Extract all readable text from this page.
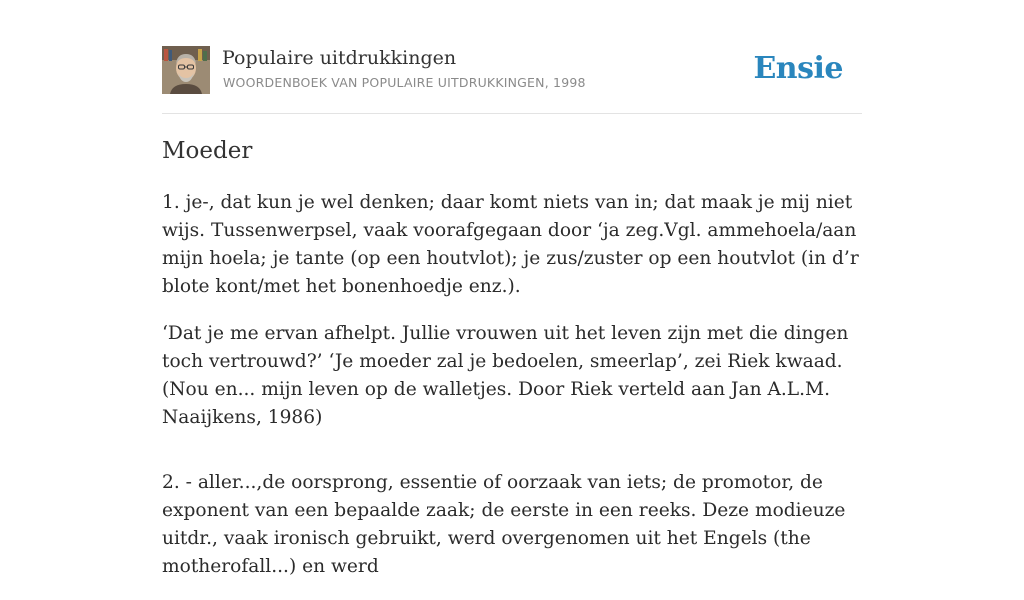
Populaire uitdrukkingen
WOORDENBOEK VAN POPULAIRE UITDRUKKINGEN, 1998	Ensie
Moeder

1. je-, dat kun je wel denken; daar komt niets van in; dat maak je mij niet wijs. Tussenwerpsel, vaak voorafgegaan door ‘ja zeg.Vgl. ammehoela/aan mijn hoela; je tante (op een houtvlot); je zus/zuster op een houtvlot (in d’r blote kont/met het bonenhoedje enz.).

‘Dat je me ervan afhelpt. Jullie vrouwen uit het leven zijn met die dingen toch vertrouwd?’ ‘Je moeder zal je bedoelen, smeerlap’, zei Riek kwaad. (Nou en... mijn leven op de walletjes. Door Riek verteld aan Jan A.L.M. Naaijkens, 1986)

2. - aller...,de oorsprong, essentie of oorzaak van iets; de promotor, de exponent van een bepaalde zaak; de eerste in een reeks. Deze modieuze uitdr., vaak ironisch gebruikt, werd overgenomen uit het Engels (the motherofall...) en werd
